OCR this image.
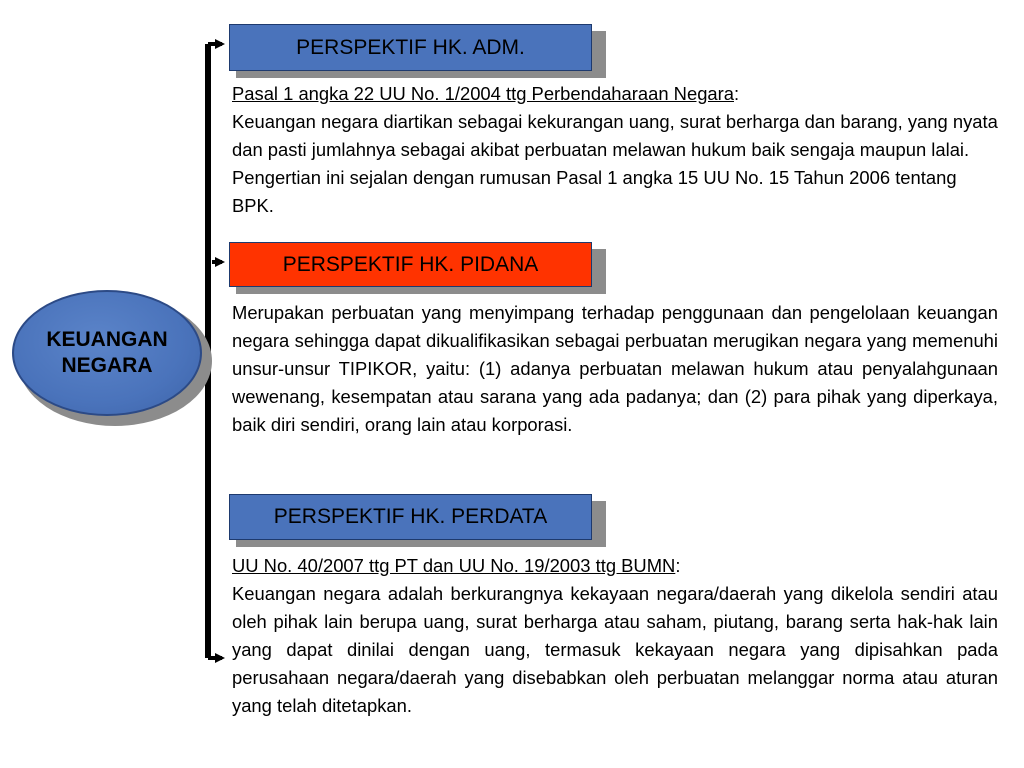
KEUANGAN
NEGARA
PERSPEKTIF HK. ADM.
Pasal 1 angka 22 UU No. 1/2004 ttg Perbendaharaan Negara:
Keuangan negara diartikan sebagai kekurangan uang, surat berharga dan barang, yang nyata dan pasti jumlahnya sebagai akibat perbuatan melawan hukum baik sengaja maupun lalai. Pengertian ini sejalan dengan rumusan Pasal 1 angka 15 UU No. 15 Tahun 2006 tentang BPK.
PERSPEKTIF HK. PIDANA
Merupakan perbuatan yang menyimpang terhadap penggunaan dan pengelolaan keuangan negara sehingga dapat dikualifikasikan sebagai perbuatan merugikan negara yang memenuhi unsur-unsur TIPIKOR, yaitu: (1) adanya perbuatan melawan hukum atau penyalahgunaan wewenang, kesempatan atau sarana yang ada padanya; dan (2) para pihak yang diperkaya, baik diri sendiri, orang lain atau korporasi.
PERSPEKTIF HK. PERDATA
UU No. 40/2007 ttg PT dan UU No. 19/2003 ttg BUMN:
Keuangan negara adalah berkurangnya kekayaan negara/daerah yang dikelola sendiri atau oleh pihak lain berupa uang, surat berharga atau saham, piutang, barang serta hak-hak lain yang dapat dinilai dengan uang, termasuk kekayaan negara yang dipisahkan pada perusahaan negara/daerah yang disebabkan oleh perbuatan melanggar norma atau aturan yang telah ditetapkan.
